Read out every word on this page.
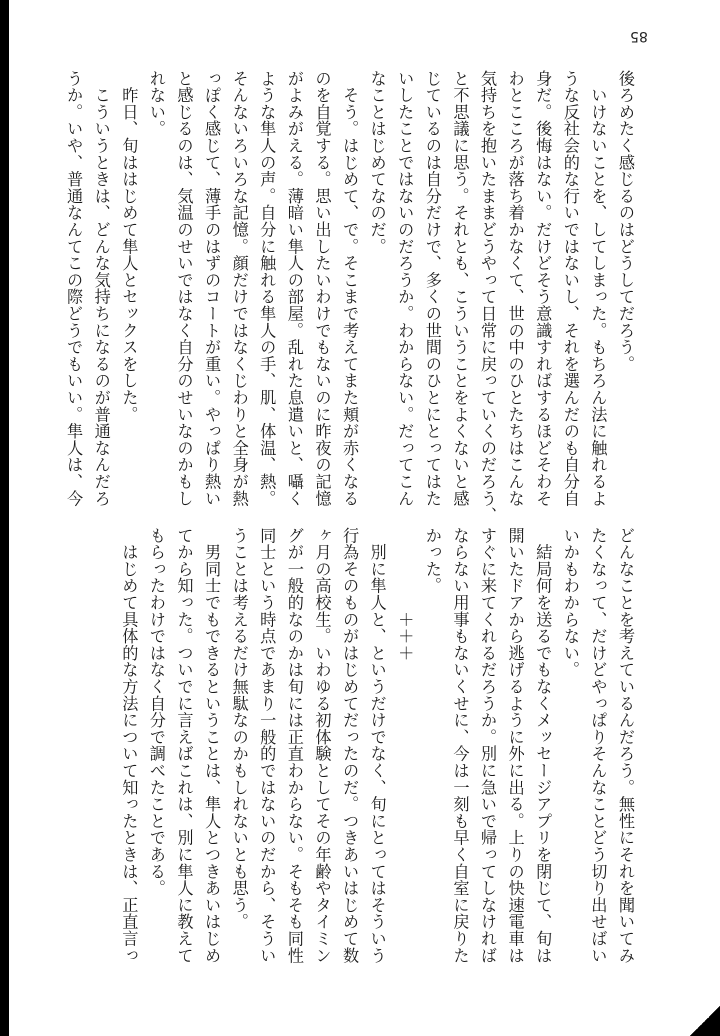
85
後ろめたく感じるのはどうしてだろう。
　いけないことを、してしまった。もちろん法に触れるよ
うな反社会的な行いではないし、それを選んだのも自分自
身だ。後悔はない。だけどそう意識すればするほどそわそ
わとこころが落ち着かなくて、世の中のひとたちはこんな
気持ちを抱いたままどうやって日常に戻っていくのだろう、
と不思議に思う。それとも、こういうことをよくないと感
じているのは自分だけで、多くの世間のひとにとってはた
いしたことではないのだろうか。わからない。だってこん
なことはじめてなのだ。
　そう。はじめて、で。そこまで考えてまた頬が赤くなる
のを自覚する。思い出したいわけでもないのに昨夜の記憶
がよみがえる。薄暗い隼人の部屋。乱れた息遣いと、囁く
ような隼人の声。自分に触れる隼人の手、肌、体温、熱。
そんないろいろな記憶。顔だけではなくじわりと全身が熱
っぽく感じて、薄手のはずのコートが重い。やっぱり熱い
と感じるのは、気温のせいではなく自分のせいなのかもし
れない。
　昨日、旬ははじめて隼人とセックスをした。
　こういうときは、どんな気持ちになるのが普通なんだろ
うか。いや、普通なんてこの際どうでもいい。隼人は、今
どんなことを考えているんだろう。無性にそれを聞いてみ
たくなって、だけどやっぱりそんなことどう切り出せばい
いかもわからない。
　結局何を送るでもなくメッセージアプリを閉じて、旬は
開いたドアから逃げるように外に出る。上りの快速電車は
すぐに来てくれるだろうか。別に急いで帰ってしなければ
ならない用事もないくせに、今は一刻も早く自室に戻りた
かった。
　　　　　＋＋＋
　別に隼人と、というだけでなく、旬にとってはそういう
行為そのものがはじめてだったのだ。つきあいはじめて数
ヶ月の高校生。いわゆる初体験としてその年齢やタイミン
グが一般的なのかは旬には正直わからない。そもそも同性
同士という時点であまり一般的ではないのだから、そうい
うことは考えるだけ無駄なのかもしれないとも思う。
　男同士でもできるということは、隼人とつきあいはじめ
てから知った。ついでに言えばこれは、別に隼人に教えて
もらったわけではなく自分で調べたことである。
　はじめて具体的な方法について知ったときは、正直言っ
